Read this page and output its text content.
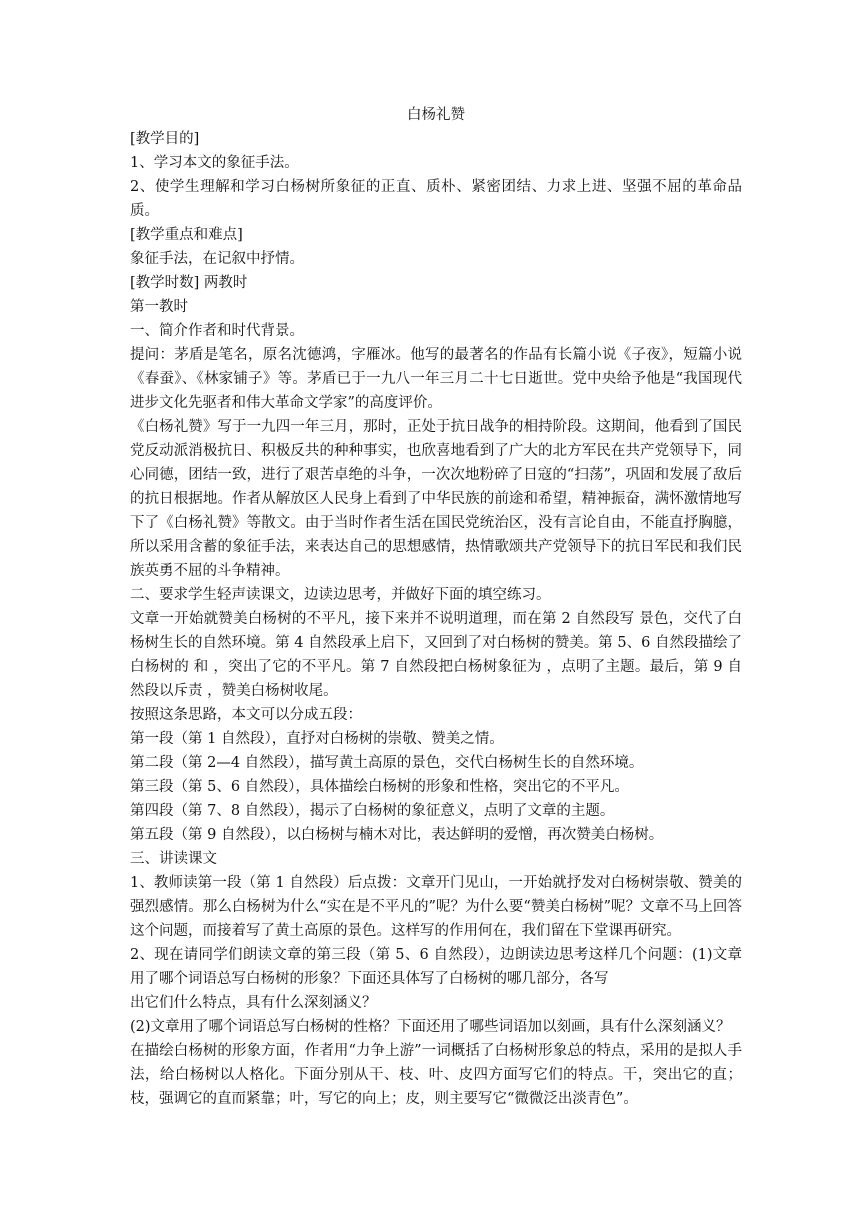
白杨礼赞

[教学目的]

1、学习本文的象征手法。

2、使学生理解和学习白杨树所象征的正直、质朴、紧密团结、力求上进、坚强不屈的革命品质。

[教学重点和难点]

象征手法，在记叙中抒情。

[教学时数] 两教时

第一教时

一、简介作者和时代背景。

提问：茅盾是笔名，原名沈德鸿，字雁冰。他写的最著名的作品有长篇小说《子夜》，短篇小说《春蚕》、《林家铺子》等。茅盾已于一九八一年三月二十七日逝世。党中央给予他是“我国现代进步文化先驱者和伟大革命文学家”的高度评价。

《白杨礼赞》写于一九四一年三月，那时，正处于抗日战争的相持阶段。这期间，他看到了国民党反动派消极抗日、积极反共的种种事实，也欣喜地看到了广大的北方军民在共产党领导下，同心同德，团结一致，进行了艰苦卓绝的斗争，一次次地粉碎了日寇的“扫荡”，巩固和发展了敌后的抗日根据地。作者从解放区人民身上看到了中华民族的前途和希望，精神振奋，满怀激情地写下了《白杨礼赞》等散文。由于当时作者生活在国民党统治区，没有言论自由，不能直抒胸臆，所以采用含蓄的象征手法，来表达自己的思想感情，热情歌颂共产党领导下的抗日军民和我们民族英勇不屈的斗争精神。

二、要求学生轻声读课文，边读边思考，并做好下面的填空练习。

文章一开始就赞美白杨树的不平凡，接下来并不说明道理，而在第 2 自然段写 景色，交代了白杨树生长的自然环境。第 4 自然段承上启下，又回到了对白杨树的赞美。第 5、6 自然段描绘了白杨树的 和 ，突出了它的不平凡。第 7 自然段把白杨树象征为 ，点明了主题。最后，第 9 自然段以斥责 ，赞美白杨树收尾。

按照这条思路，本文可以分成五段：

第一段（第 1 自然段），直抒对白杨树的崇敬、赞美之情。

第二段（第 2—4 自然段），描写黄土高原的景色，交代白杨树生长的自然环境。

第三段（第 5、6 自然段），具体描绘白杨树的形象和性格，突出它的不平凡。

第四段（第 7、8 自然段），揭示了白杨树的象征意义，点明了文章的主题。

第五段（第 9 自然段），以白杨树与楠木对比，表达鲜明的爱憎，再次赞美白杨树。

三、讲读课文

1、教师读第一段（第 1 自然段）后点拨：文章开门见山，一开始就抒发对白杨树崇敬、赞美的强烈感情。那么白杨树为什么“实在是不平凡的”呢？为什么要“赞美白杨树”呢？文章不马上回答这个问题，而接着写了黄土高原的景色。这样写的作用何在，我们留在下堂课再研究。

2、现在请同学们朗读文章的第三段（第 5、6 自然段），边朗读边思考这样几个问题：(1)文章用了哪个词语总写白杨树的形象？下面还具体写了白杨树的哪几部分，各写

出它们什么特点，具有什么深刻涵义？

(2)文章用了哪个词语总写白杨树的性格？下面还用了哪些词语加以刻画，具有什么深刻涵义？

在描绘白杨树的形象方面，作者用“力争上游”一词概括了白杨树形象总的特点，采用的是拟人手法，给白杨树以人格化。下面分别从干、枝、叶、皮四方面写它们的特点。干，突出它的直；枝，强调它的直而紧靠；叶，写它的向上；皮，则主要写它“微微泛出淡青色”。
